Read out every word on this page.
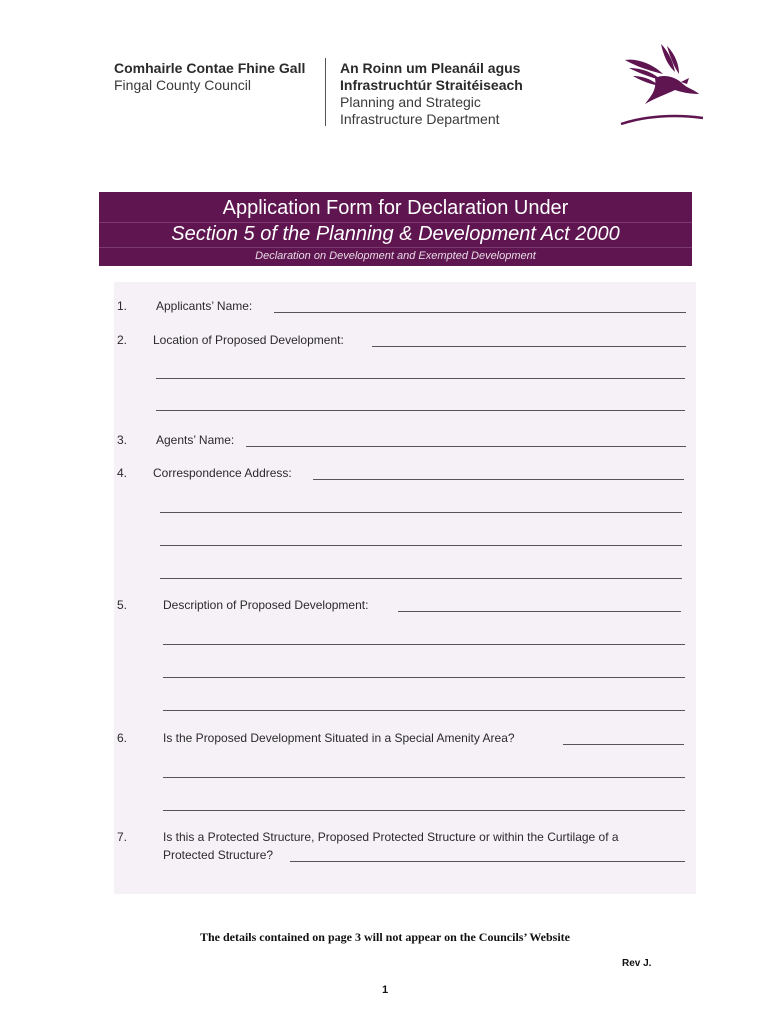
Comhairle Contae Fhine Gall
Fingal County Council
An Roinn um Pleanáil agus
Infrastruchtúr Straitéiseach
Planning and Strategic
Infrastructure Department
Application Form for Declaration Under
Section 5 of the Planning & Development Act 2000
Declaration on Development and Exempted Development
1. Applicants’ Name:
2. Location of Proposed Development:
3. Agents’ Name:
4. Correspondence Address:
5.	Description of Proposed Development:
6.	Is the Proposed Development Situated in a Special Amenity Area?
7.	Is this a Protected Structure, Proposed Protected Structure or within the Curtilage of a
Protected Structure?
The details contained on page 3 will not appear on the Councils’ Website
Rev J.
1
